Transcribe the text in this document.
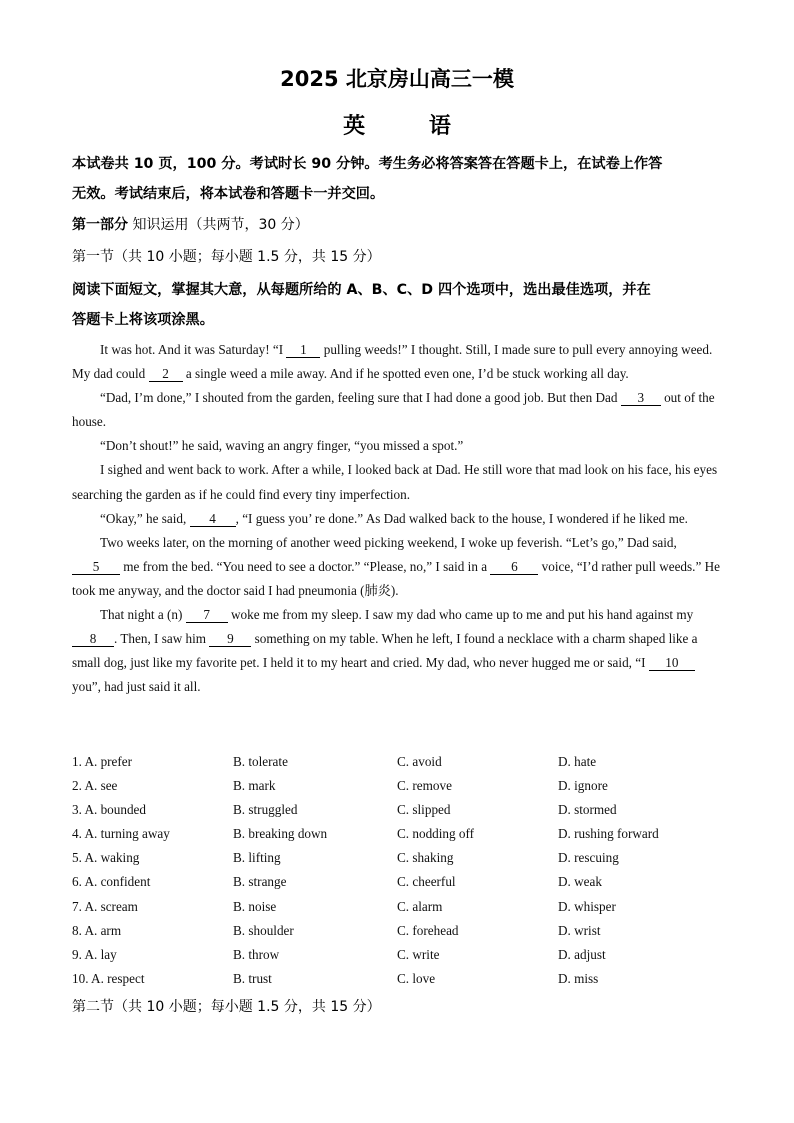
2025 北京房山高三一模
英 语
本试卷共 10 页，100 分。考试时长 90 分钟。考生务必将答案答在答题卡上，在试卷上作答
无效。考试结束后，将本试卷和答题卡一并交回。
第一部分 知识运用（共两节，30 分）
第一节（共 10 小题；每小题 1.5 分，共 15 分）
阅读下面短文，掌握其大意，从每题所给的 A、B、C、D 四个选项中，选出最佳选项，并在
答题卡上将该项涂黑。

It was hot. And it was Saturday! “I 1 pulling weeds!” I thought. Still, I made sure to pull every annoying weed. My dad could 2 a single weed a mile away. And if he spotted even one, I’d be stuck working all day.

“Dad, I’m done,” I shouted from the garden, feeling sure that I had done a good job. But then Dad 3 out of the house.

“Don’t shout!” he said, waving an angry finger, “you missed a spot.”

I sighed and went back to work. After a while, I looked back at Dad. He still wore that mad look on his face, his eyes searching the garden as if he could find every tiny imperfection.

“Okay,” he said, 4 , “I guess you’ re done.” As Dad walked back to the house, I wondered if he liked me.

Two weeks later, on the morning of another weed picking weekend, I woke up feverish. “Let’s go,” Dad said, 5 me from the bed. “You need to see a doctor.” “Please, no,” I said in a 6 voice, “I’d rather pull weeds.” He took me anyway, and the doctor said I had pneumonia (肺炎).

That night a (n) 7 woke me from my sleep. I saw my dad who came up to me and put his hand against my 8 . Then, I saw him 9 something on my table. When he left, I found a necklace with a charm shaped like a small dog, just like my favorite pet. I held it to my heart and cried. My dad, who never hugged me or said, “I 10 you”, had just said it all.

1. A. prefer	B. tolerate	C. avoid	D. hate
2. A. see	B. mark	C. remove	D. ignore
3. A. bounded	B. struggled	C. slipped	D. stormed
4. A. turning away	B. breaking down	C. nodding off	D. rushing forward
5. A. waking	B. lifting	C. shaking	D. rescuing
6. A. confident	B. strange	C. cheerful	D. weak
7. A. scream	B. noise	C. alarm	D. whisper
8. A. arm	B. shoulder	C. forehead	D. wrist
9. A. lay	B. throw	C. write	D. adjust
10. A. respect	B. trust	C. love	D. miss
第二节（共 10 小题；每小题 1.5 分，共 15 分）
